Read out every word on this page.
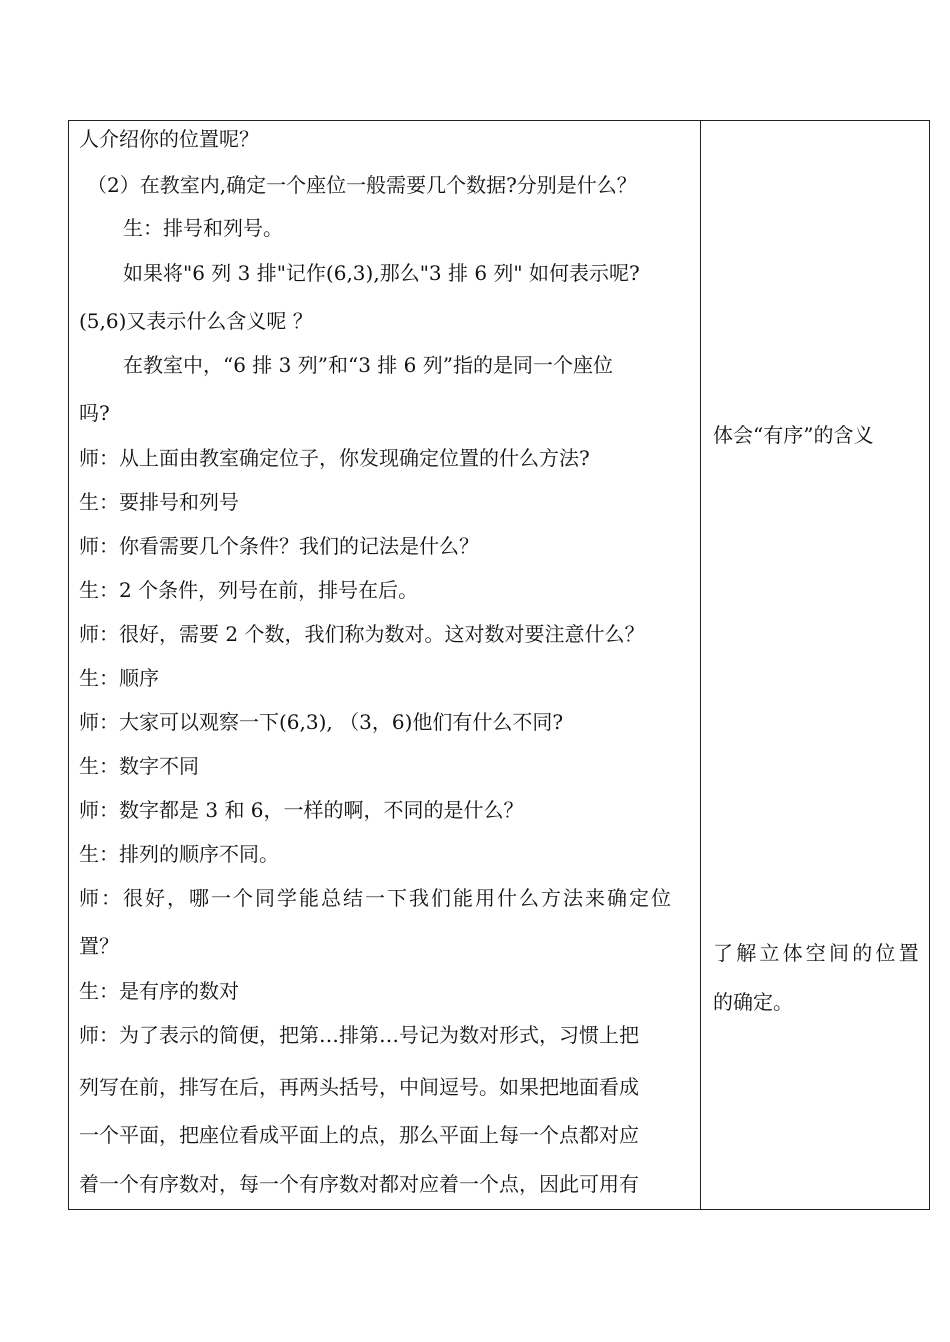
人介绍你的位置呢？
（2）在教室内,确定一个座位一般需要几个数据?分别是什么？
生：排号和列号。
如果将"6 列 3 排"记作(6,3),那么"3 排 6 列" 如何表示呢?
(5,6)又表示什么含义呢 ？
在教室中，“6 排 3 列”和“3 排 6 列”指的是同一个座位
吗?
师：从上面由教室确定位子，你发现确定位置的什么方法?
生：要排号和列号
师：你看需要几个条件？我们的记法是什么？
生：2 个条件，列号在前，排号在后。
师：很好，需要 2 个数，我们称为数对。这对数对要注意什么？
生：顺序
师：大家可以观察一下(6,3), （3，6)他们有什么不同?
生：数字不同
师：数字都是 3 和 6，一样的啊，不同的是什么？
生：排列的顺序不同。
师：很好，哪一个同学能总结一下我们能用什么方法来确定位
置？
生：是有序的数对
师：为了表示的简便，把第…排第…号记为数对形式，习惯上把
列写在前，排写在后，再两头括号，中间逗号。如果把地面看成
一个平面，把座位看成平面上的点，那么平面上每一个点都对应
着一个有序数对，每一个有序数对都对应着一个点，因此可用有
体会“有序”的含义
了解立体空间的位置
的确定。
